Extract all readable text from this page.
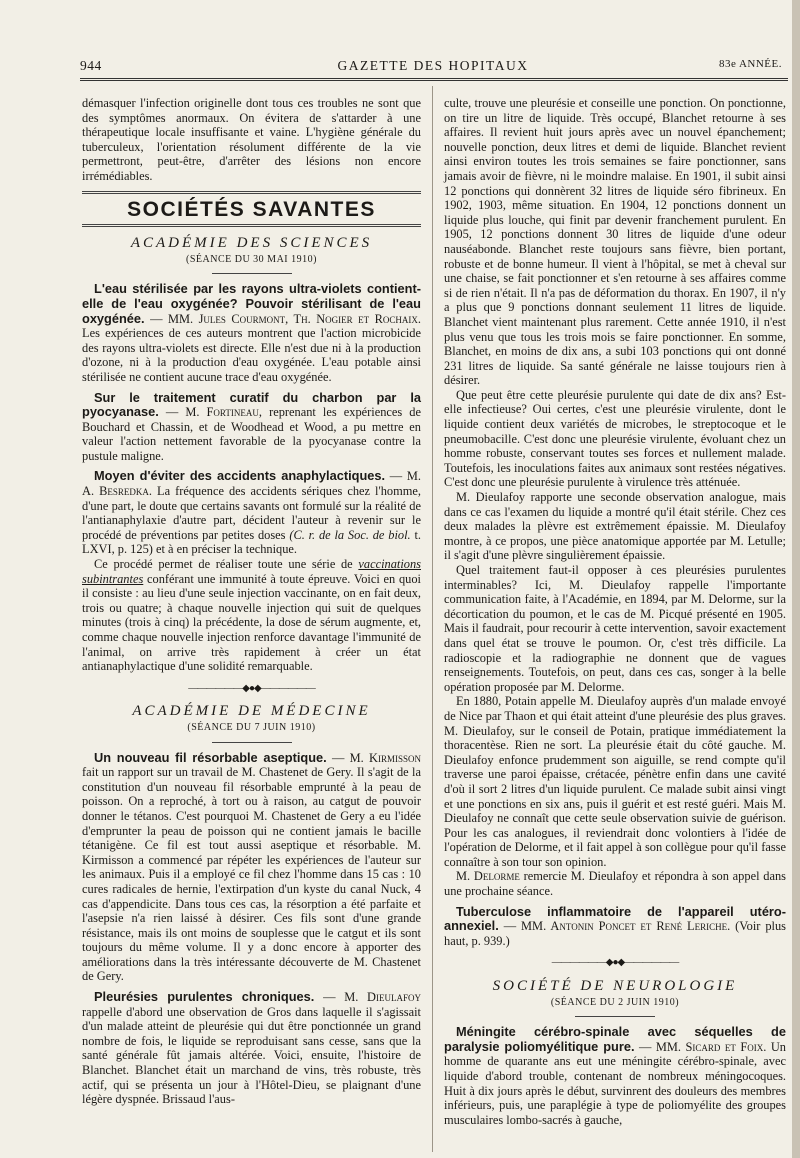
944	GAZETTE DES HOPITAUX	83e ANNÉE.

démasquer l'infection originelle dont tous ces troubles ne sont que des symptômes anormaux. On évitera de s'attarder à une thérapeutique locale insuffisante et vaine. L'hygiène générale du tuberculeux, l'orientation résolument différente de la vie permettront, peut-être, d'arrêter des lésions non encore irrémédiables.

SOCIÉTÉS SAVANTES
ACADÉMIE DES SCIENCES
(SÉANCE DU 30 MAI 1910)

L'eau stérilisée par les rayons ultra-violets contient-elle de l'eau oxygénée? Pouvoir stérilisant de l'eau oxygénée. — MM. Jules Courmont, Th. Nogier et Rochaix. Les expériences de ces auteurs montrent que l'action microbicide des rayons ultra-violets est directe. Elle n'est due ni à la production d'ozone, ni à la production d'eau oxygénée. L'eau potable ainsi stérilisée ne contient aucune trace d'eau oxygénée.

Sur le traitement curatif du charbon par la pyocyanase. — M. Fortineau, reprenant les expériences de Bouchard et Chassin, et de Woodhead et Wood, a pu mettre en valeur l'action nettement favorable de la pyocyanase contre la pustule maligne.

Moyen d'éviter des accidents anaphylactiques. — M. A. Besredka. La fréquence des accidents sériques chez l'homme, d'une part, le doute que certains savants ont formulé sur la réalité de l'antianaphylaxie d'autre part, décident l'auteur à revenir sur le procédé de préventions par petites doses (C. r. de la Soc. de biol. t. LXVI, p. 125) et à en préciser la technique.

Ce procédé permet de réaliser toute une série de vaccinations subintrantes conférant une immunité à toute épreuve. Voici en quoi il consiste : au lieu d'une seule injection vaccinante, on en fait deux, trois ou quatre; à chaque nouvelle injection qui suit de quelques minutes (trois à cinq) la précédente, la dose de sérum augmente, et, comme chaque nouvelle injection renforce davantage l'immunité de l'animal, on arrive très rapidement à créer un état antianaphylactique d'une solidité remarquable.

——————◆●◆——————
ACADÉMIE DE MÉDECINE
(SÉANCE DU 7 JUIN 1910)

Un nouveau fil résorbable aseptique. — M. Kirmisson fait un rapport sur un travail de M. Chastenet de Gery. Il s'agit de la constitution d'un nouveau fil résorbable emprunté à la peau de poisson. On a reproché, à tort ou à raison, au catgut de pouvoir donner le tétanos. C'est pourquoi M. Chastenet de Gery a eu l'idée d'emprunter la peau de poisson qui ne contient jamais le bacille tétanigène. Ce fil est tout aussi aseptique et résorbable. M. Kirmisson a commencé par répéter les expériences de l'auteur sur les animaux. Puis il a employé ce fil chez l'homme dans 15 cas : 10 cures radicales de hernie, l'extirpation d'un kyste du canal Nuck, 4 cas d'appendicite. Dans tous ces cas, la résorption a été parfaite et l'asepsie n'a rien laissé à désirer. Ces fils sont d'une grande résistance, mais ils ont moins de souplesse que le catgut et ils sont toujours du même volume. Il y a donc encore à apporter des améliorations dans la très intéressante découverte de M. Chastenet de Gery.

Pleurésies purulentes chroniques. — M. Dieulafoy rappelle d'abord une observation de Gros dans laquelle il s'agissait d'un malade atteint de pleurésie qui dut être ponctionnée un grand nombre de fois, le liquide se reproduisant sans cesse, sans que la santé générale fût jamais altérée. Voici, ensuite, l'histoire de Blanchet. Blanchet était un marchand de vins, très robuste, très actif, qui se présenta un jour à l'Hôtel-Dieu, se plaignant d'une légère dyspnée. Brissaud l'aus-

culte, trouve une pleurésie et conseille une ponction. On ponctionne, on tire un litre de liquide. Très occupé, Blanchet retourne à ses affaires. Il revient huit jours après avec un nouvel épanchement; nouvelle ponction, deux litres et demi de liquide. Blanchet revient ainsi environ toutes les trois semaines se faire ponctionner, sans jamais avoir de fièvre, ni le moindre malaise. En 1901, il subit ainsi 12 ponctions qui donnèrent 32 litres de liquide séro fibrineux. En 1902, 1903, même situation. En 1904, 12 ponctions donnent un liquide plus louche, qui finit par devenir franchement purulent. En 1905, 12 ponctions donnent 30 litres de liquide d'une odeur nauséabonde. Blanchet reste toujours sans fièvre, bien portant, robuste et de bonne humeur. Il vient à l'hôpital, se met à cheval sur une chaise, se fait ponctionner et s'en retourne à ses affaires comme si de rien n'était. Il n'a pas de déformation du thorax. En 1907, il n'y a plus que 9 ponctions donnant seulement 11 litres de liquide. Blanchet vient maintenant plus rarement. Cette année 1910, il n'est plus venu que tous les trois mois se faire ponctionner. En somme, Blanchet, en moins de dix ans, a subi 103 ponctions qui ont donné 231 litres de liquide. Sa santé générale ne laisse toujours rien à désirer.

Que peut être cette pleurésie purulente qui date de dix ans? Est-elle infectieuse? Oui certes, c'est une pleurésie virulente, dont le liquide contient deux variétés de microbes, le streptocoque et le pneumobacille. C'est donc une pleurésie virulente, évoluant chez un homme robuste, conservant toutes ses forces et nullement malade. Toutefois, les inoculations faites aux animaux sont restées négatives. C'est donc une pleurésie purulente à virulence très atténuée.

M. Dieulafoy rapporte une seconde observation analogue, mais dans ce cas l'examen du liquide a montré qu'il était stérile. Chez ces deux malades la plèvre est extrêmement épaissie. M. Dieulafoy montre, à ce propos, une pièce anatomique apportée par M. Letulle; il s'agit d'une plèvre singulièrement épaissie.

Quel traitement faut-il opposer à ces pleurésies purulentes interminables? Ici, M. Dieulafoy rappelle l'importante communication faite, à l'Académie, en 1894, par M. Delorme, sur la décortication du poumon, et le cas de M. Picqué présenté en 1905. Mais il faudrait, pour recourir à cette intervention, savoir exactement dans quel état se trouve le poumon. Or, c'est très difficile. La radioscopie et la radiographie ne donnent que de vagues renseignements. Toutefois, on peut, dans ces cas, songer à la belle opération proposée par M. Delorme.

En 1880, Potain appelle M. Dieulafoy auprès d'un malade envoyé de Nice par Thaon et qui était atteint d'une pleurésie des plus graves. M. Dieulafoy, sur le conseil de Potain, pratique immédiatement la thoracentèse. Rien ne sort. La pleurésie était du côté gauche. M. Dieulafoy enfonce prudemment son aiguille, se rend compte qu'il traverse une paroi épaisse, crétacée, pénètre enfin dans une cavité d'où il sort 2 litres d'un liquide purulent. Ce malade subit ainsi vingt et une ponctions en six ans, puis il guérit et est resté guéri. Mais M. Dieulafoy ne connaît que cette seule observation suivie de guérison. Pour les cas analogues, il reviendrait donc volontiers à l'idée de l'opération de Delorme, et il fait appel à son collègue pour qu'il fasse connaître à son tour son opinion.

M. Delorme remercie M. Dieulafoy et répondra à son appel dans une prochaine séance.

Tuberculose inflammatoire de l'appareil utéro-annexiel. — MM. Antonin Poncet et René Leriche. (Voir plus haut, p. 939.)

——————◆●◆——————
SOCIÉTÉ DE NEUROLOGIE
(SÉANCE DU 2 JUIN 1910)

Méningite cérébro-spinale avec séquelles de paralysie poliomyélitique pure. — MM. Sicard et Foix. Un homme de quarante ans eut une méningite cérébro-spinale, avec liquide d'abord trouble, contenant de nombreux méningocoques. Huit à dix jours après le début, survinrent des douleurs des membres inférieurs, puis, une paraplégie à type de poliomyélite des groupes musculaires lombo-sacrés à gauche,
